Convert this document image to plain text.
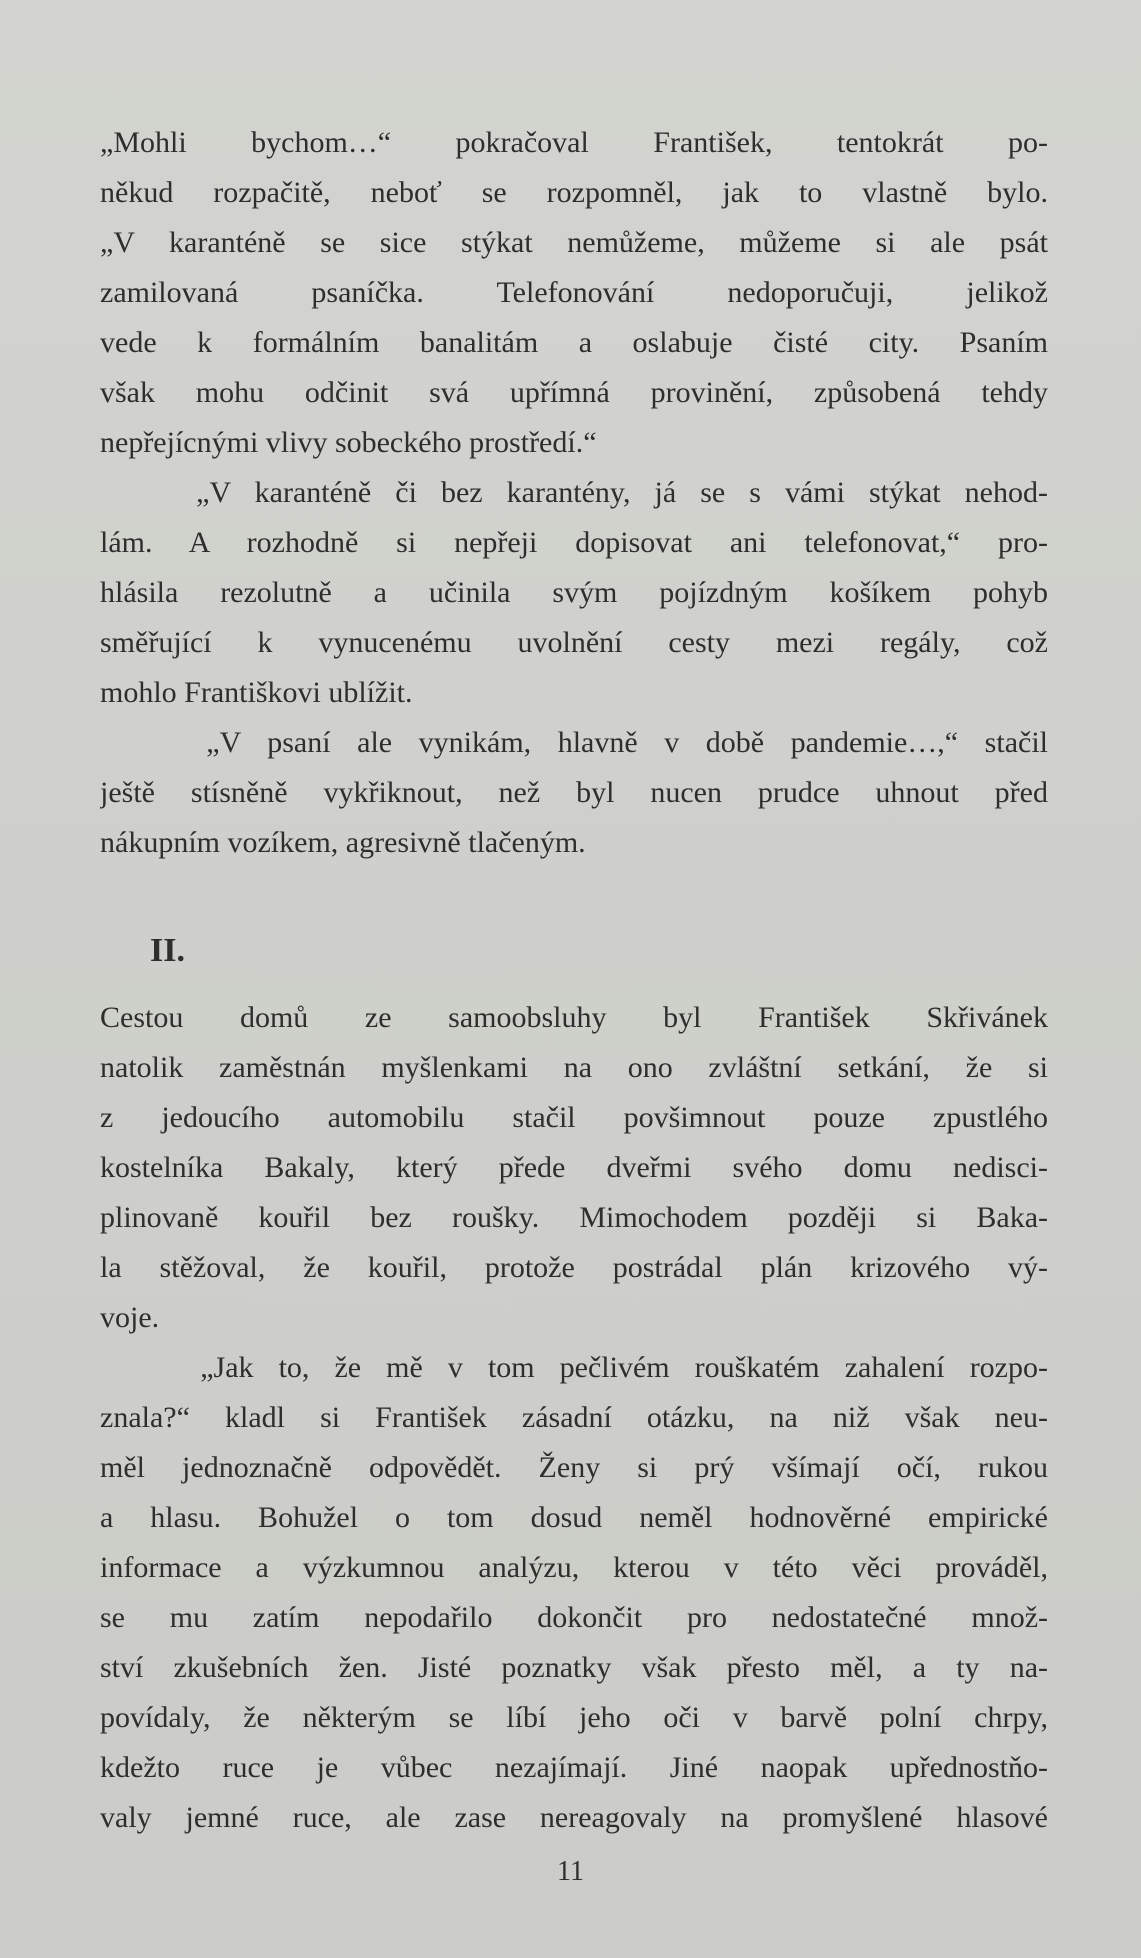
„Mohli bychom…“ pokračoval František, tentokrát po-
někud rozpačitě, neboť se rozpomněl, jak to vlastně bylo.
„V karanténě se sice stýkat nemůžeme, můžeme si ale psát
zamilovaná psaníčka. Telefonování nedoporučuji, jelikož
vede k formálním banalitám a oslabuje čisté city. Psaním
však mohu odčinit svá upřímná provinění, způsobená tehdy
nepřejícnými vlivy sobeckého prostředí.“
„V karanténě či bez karantény, já se s vámi stýkat nehod-
lám. A rozhodně si nepřeji dopisovat ani telefonovat,“ pro-
hlásila rezolutně a učinila svým pojízdným košíkem pohyb
směřující k vynucenému uvolnění cesty mezi regály, což
mohlo Františkovi ublížit.
„V psaní ale vynikám, hlavně v době pandemie…,“ stačil
ještě stísněně vykřiknout, než byl nucen prudce uhnout před
nákupním vozíkem, agresivně tlačeným.
II.
Cestou domů ze samoobsluhy byl František Skřivánek
natolik zaměstnán myšlenkami na ono zvláštní setkání, že si
z jedoucího automobilu stačil povšimnout pouze zpustlého
kostelníka Bakaly, který přede dveřmi svého domu nedisci-
plinovaně kouřil bez roušky. Mimochodem později si Baka-
la stěžoval, že kouřil, protože postrádal plán krizového vý-
voje.
„Jak to, že mě v tom pečlivém rouškatém zahalení rozpo-
znala?“ kladl si František zásadní otázku, na niž však neu-
měl jednoznačně odpovědět. Ženy si prý všímají očí, rukou
a hlasu. Bohužel o tom dosud neměl hodnověrné empirické
informace a výzkumnou analýzu, kterou v této věci prováděl,
se mu zatím nepodařilo dokončit pro nedostatečné množ-
ství zkušebních žen. Jisté poznatky však přesto měl, a ty na-
povídaly, že některým se líbí jeho oči v barvě polní chrpy,
kdežto ruce je vůbec nezajímají. Jiné naopak upřednostňo-
valy jemné ruce, ale zase nereagovaly na promyšlené hlasové
11
